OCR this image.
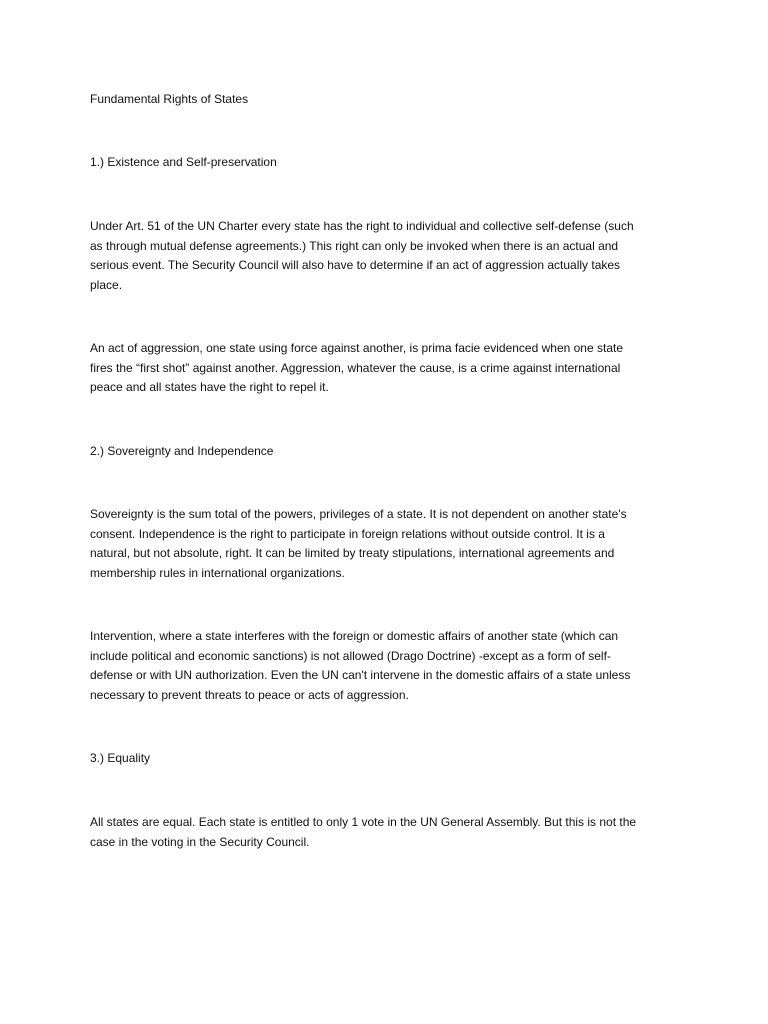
Fundamental Rights of States

1.) Existence and Self-preservation

Under Art. 51 of the UN Charter every state has the right to individual and collective self-defense (such

as through mutual defense agreements.) This right can only be invoked when there is an actual and

serious event. The Security Council will also have to determine if an act of aggression actually takes

place.

An act of aggression, one state using force against another, is prima facie evidenced when one state

fires the “first shot” against another. Aggression, whatever the cause, is a crime against international

peace and all states have the right to repel it.

2.) Sovereignty and Independence

Sovereignty is the sum total of the powers, privileges of a state. It is not dependent on another state's

consent. Independence is the right to participate in foreign relations without outside control. It is a

natural, but not absolute, right. It can be limited by treaty stipulations, international agreements and

membership rules in international organizations.

Intervention, where a state interferes with the foreign or domestic affairs of another state (which can

include political and economic sanctions) is not allowed (Drago Doctrine) -except as a form of self-

defense or with UN authorization. Even the UN can't intervene in the domestic affairs of a state unless

necessary to prevent threats to peace or acts of aggression.

3.) Equality

All states are equal. Each state is entitled to only 1 vote in the UN General Assembly. But this is not the

case in the voting in the Security Council.
